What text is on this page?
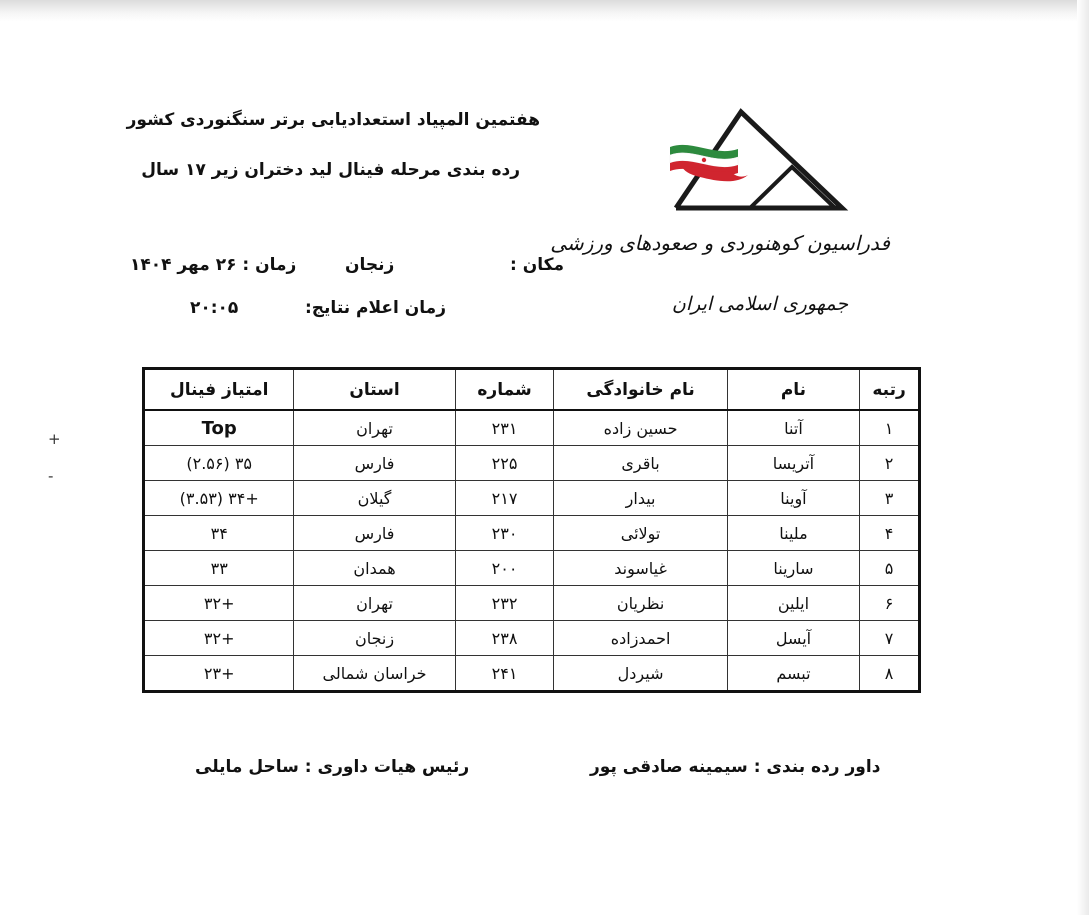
هفتمین المپیاد استعدادیابی برتر سنگنوردی کشور
رده بندی مرحله فینال لید دختران زیر ۱۷ سال
مکان :
زنجان
زمان : ۲۶ مهر ۱۴۰۴
زمان اعلام نتایج:
۲۰:۰۵
فدراسیون کوهنوردی و صعودهای ورزشی
جمهوری اسلامی ایران
رتبه	نام	نام خانوادگی	شماره	استان	امتیاز فینال
۱	آتنا	حسین زاده	۲۳۱	تهران	Top
۲	آتریسا	باقری	۲۲۵	فارس	۳۵ (۲.۵۶)
۳	آوینا	بیدار	۲۱۷	گیلان	+۳۴ (۳.۵۳)
۴	ملینا	تولائی	۲۳۰	فارس	۳۴
۵	سارینا	غیاسوند	۲۰۰	همدان	۳۳
۶	ایلین	نظریان	۲۳۲	تهران	+۳۲
۷	آیسل	احمدزاده	۲۳۸	زنجان	+۳۲
۸	تبسم	شیردل	۲۴۱	خراسان شمالی	+۲۳
+
-
داور رده بندی : سیمینه صادقی پور
رئیس هیات داوری : ساحل مایلی
